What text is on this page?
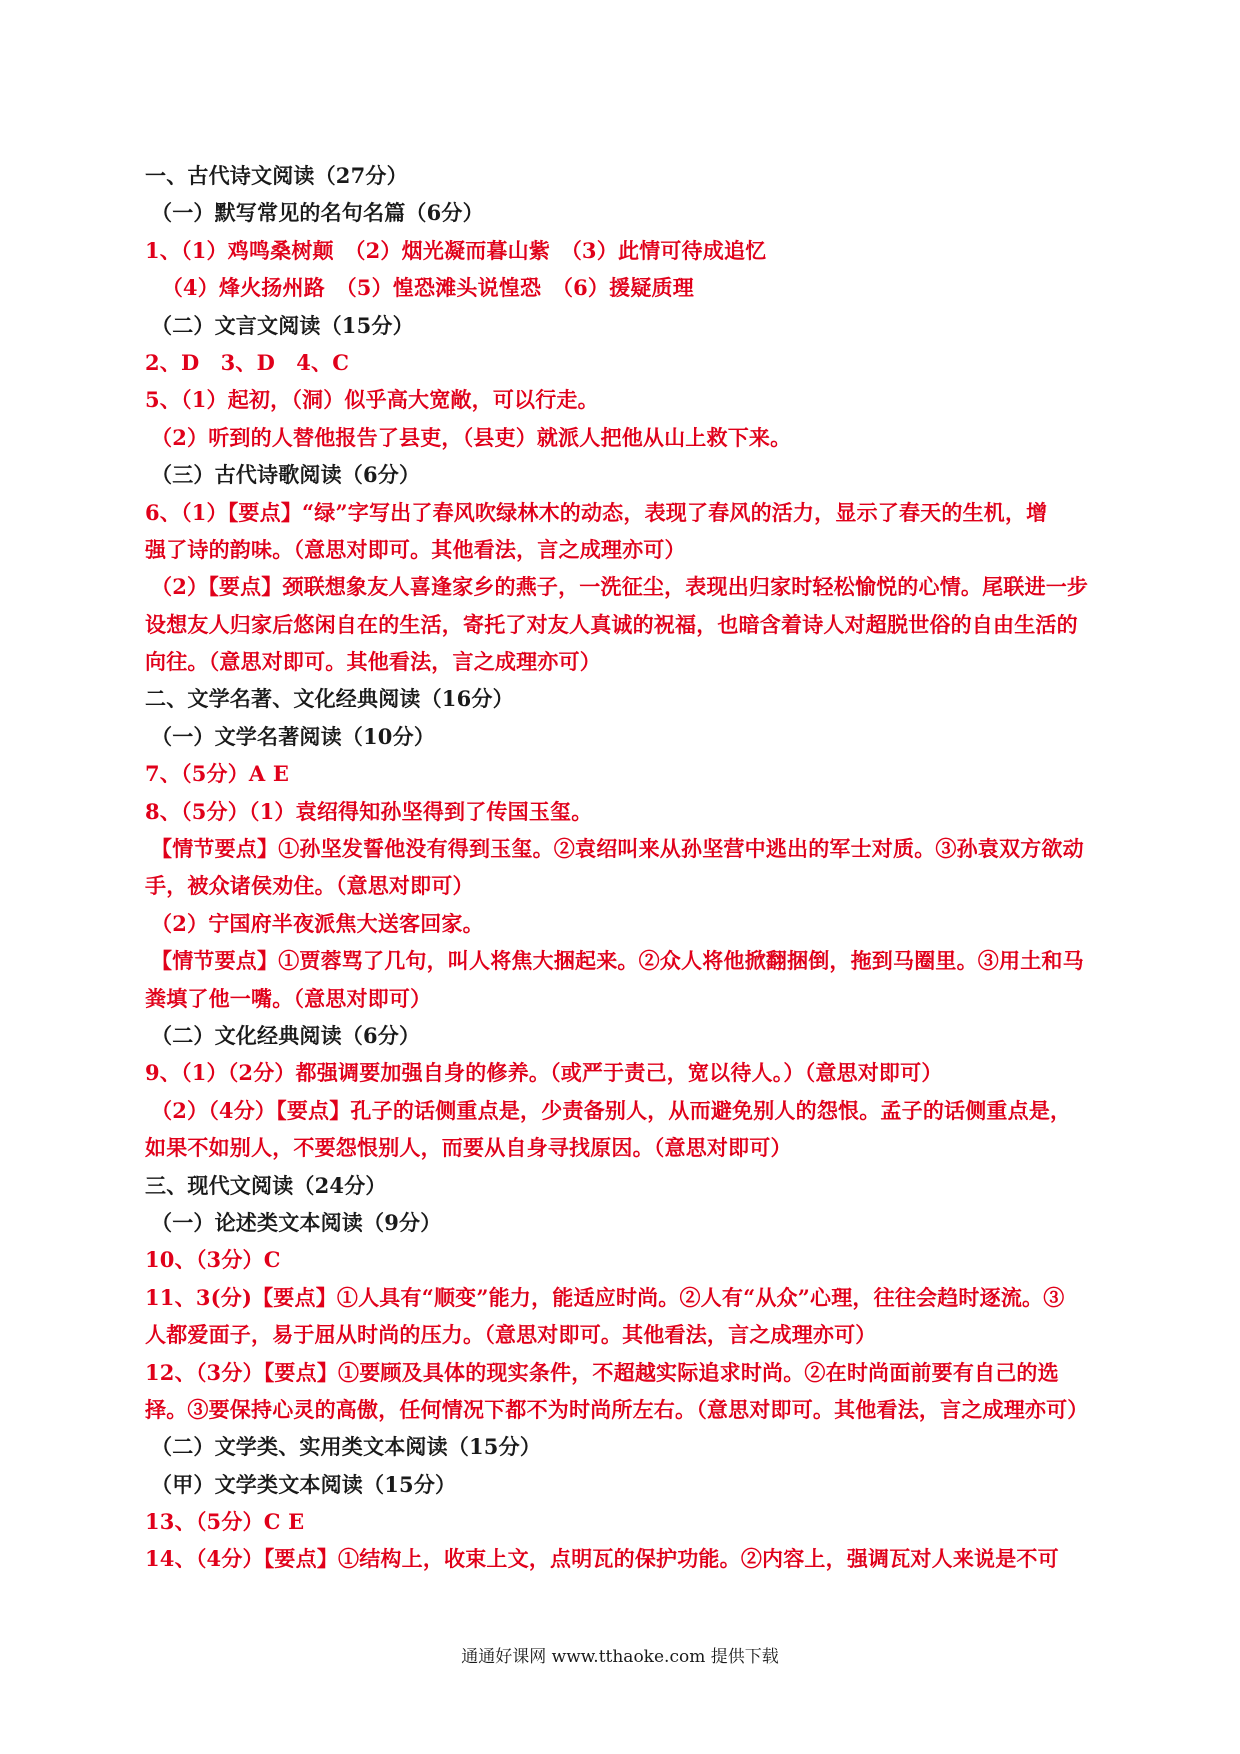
一、古代诗文阅读（27分）
（一）默写常见的名句名篇（6分）
1、（1）鸡鸣桑树颠　（2）烟光凝而暮山紫　（3）此情可待成追忆
　（4）烽火扬州路　（5）惶恐滩头说惶恐　（6）援疑质理
（二）文言文阅读（15分）
2、D　3、D　4、C
5、（1）起初，（洞）似乎高大宽敞，可以行走。
（2）听到的人替他报告了县吏，（县吏）就派人把他从山上救下来。
（三）古代诗歌阅读（6分）
6、（1）【要点】“绿”字写出了春风吹绿林木的动态，表现了春风的活力，显示了春天的生机，增
强了诗的韵味。（意思对即可。其他看法，言之成理亦可）
（2）【要点】颈联想象友人喜逢家乡的燕子，一洗征尘，表现出归家时轻松愉悦的心情。尾联进一步
设想友人归家后悠闲自在的生活，寄托了对友人真诚的祝福，也暗含着诗人对超脱世俗的自由生活的
向往。（意思对即可。其他看法，言之成理亦可）
二、文学名著、文化经典阅读（16分）
（一）文学名著阅读（10分）
7、（5分）A E
8、（5分）（1）袁绍得知孙坚得到了传国玉玺。
【情节要点】①孙坚发誓他没有得到玉玺。②袁绍叫来从孙坚营中逃出的军士对质。③孙袁双方欲动
手，被众诸侯劝住。（意思对即可）
（2）宁国府半夜派焦大送客回家。
【情节要点】①贾蓉骂了几句，叫人将焦大捆起来。②众人将他掀翻捆倒，拖到马圈里。③用土和马
粪填了他一嘴。（意思对即可）
（二）文化经典阅读（6分）
9、（1）（2分）都强调要加强自身的修养。（或严于责己，宽以待人。）（意思对即可）
（2）（4分）【要点】孔子的话侧重点是，少责备别人，从而避免别人的怨恨。孟子的话侧重点是，
如果不如别人，不要怨恨别人，而要从自身寻找原因。（意思对即可）
三、现代文阅读（24分）
（一）论述类文本阅读（9分）
10、（3分）C
11、3(分)【要点】①人具有“顺变”能力，能适应时尚。②人有“从众”心理，往往会趋时逐流。③
人都爱面子，易于屈从时尚的压力。（意思对即可。其他看法，言之成理亦可）
12、（3分）【要点】①要顾及具体的现实条件，不超越实际追求时尚。②在时尚面前要有自己的选
择。③要保持心灵的高傲，任何情况下都不为时尚所左右。（意思对即可。其他看法，言之成理亦可）
（二）文学类、实用类文本阅读（15分）
（甲）文学类文本阅读（15分）
13、（5分）C E
14、（4分）【要点】①结构上，收束上文，点明瓦的保护功能。②内容上，强调瓦对人来说是不可
通通好课网 www.tthaoke.com 提供下载
